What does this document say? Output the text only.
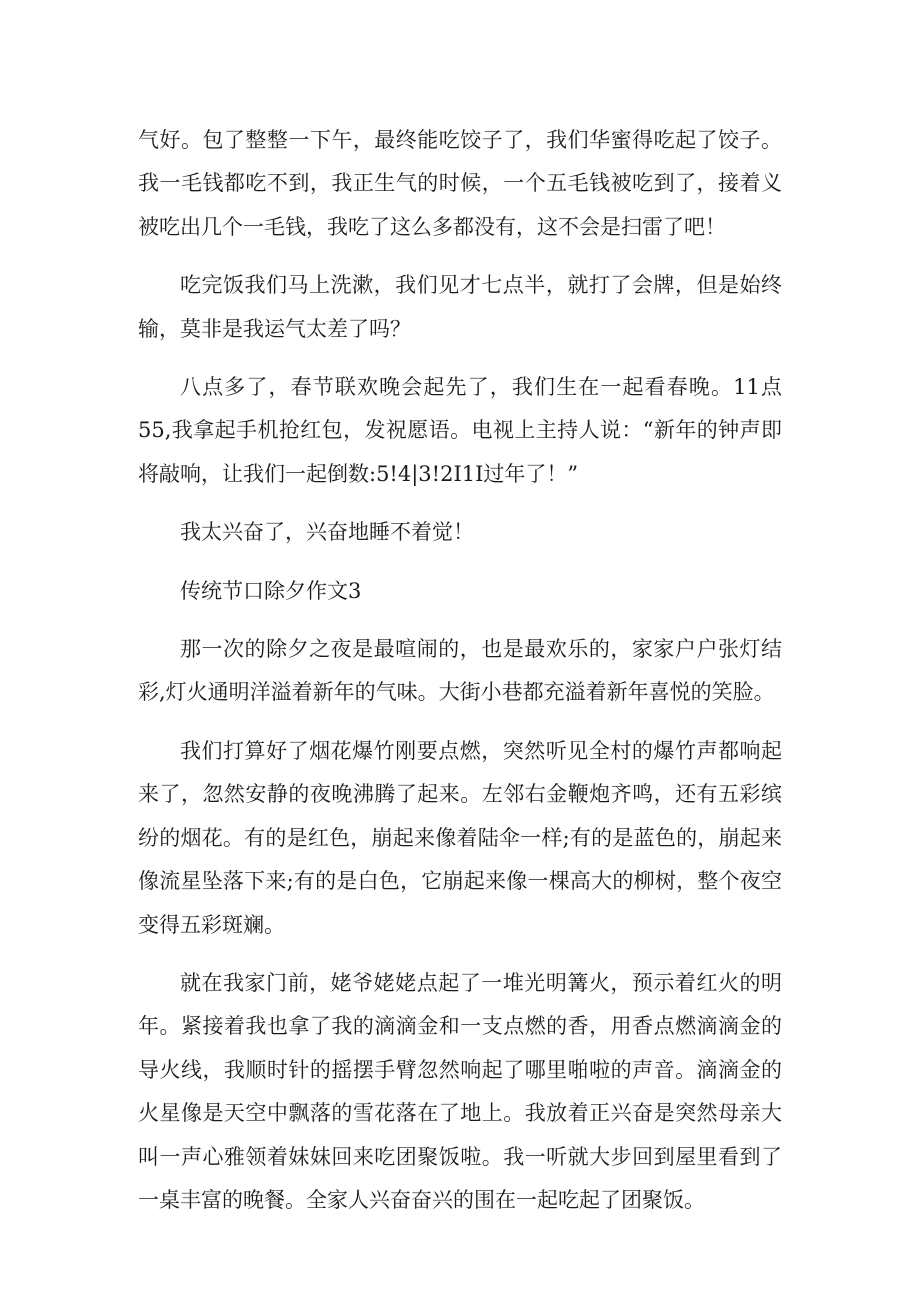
气好。包了整整一下午，最终能吃饺子了，我们华蜜得吃起了饺子。我一毛钱都吃不到，我正生气的时候，一个五毛钱被吃到了，接着义被吃出几个一毛钱，我吃了这么多都没有，这不会是扫雷了吧！

吃完饭我们马上洗漱，我们见才七点半，就打了会牌，但是始终输，莫非是我运气太差了吗？

八点多了，春节联欢晚会起先了，我们生在一起看春晚。11点55,我拿起手机抢红包，发祝愿语。电视上主持人说：“新年的钟声即将敲响，让我们一起倒数:5!4|3!2I1I过年了！”

我太兴奋了，兴奋地睡不着觉！

传统节口除夕作文3

那一次的除夕之夜是最喧闹的，也是最欢乐的，家家户户张灯结彩,灯火通明洋溢着新年的气味。大街小巷都充溢着新年喜悦的笑脸。

我们打算好了烟花爆竹刚要点燃，突然听见全村的爆竹声都响起来了，忽然安静的夜晚沸腾了起来。左邻右金鞭炮齐鸣，还有五彩缤纷的烟花。有的是红色，崩起来像着陆伞一样;有的是蓝色的，崩起来像流星坠落下来;有的是白色，它崩起来像一棵高大的柳树，整个夜空变得五彩斑斓。

就在我家门前，姥爷姥姥点起了一堆光明篝火，预示着红火的明年。紧接着我也拿了我的滴滴金和一支点燃的香，用香点燃滴滴金的导火线，我顺时针的摇摆手臂忽然响起了哪里啪啦的声音。滴滴金的火星像是天空中飘落的雪花落在了地上。我放着正兴奋是突然母亲大叫一声心雅领着妹妹回来吃团聚饭啦。我一听就大步回到屋里看到了一桌丰富的晚餐。全家人兴奋奋兴的围在一起吃起了团聚饭。
